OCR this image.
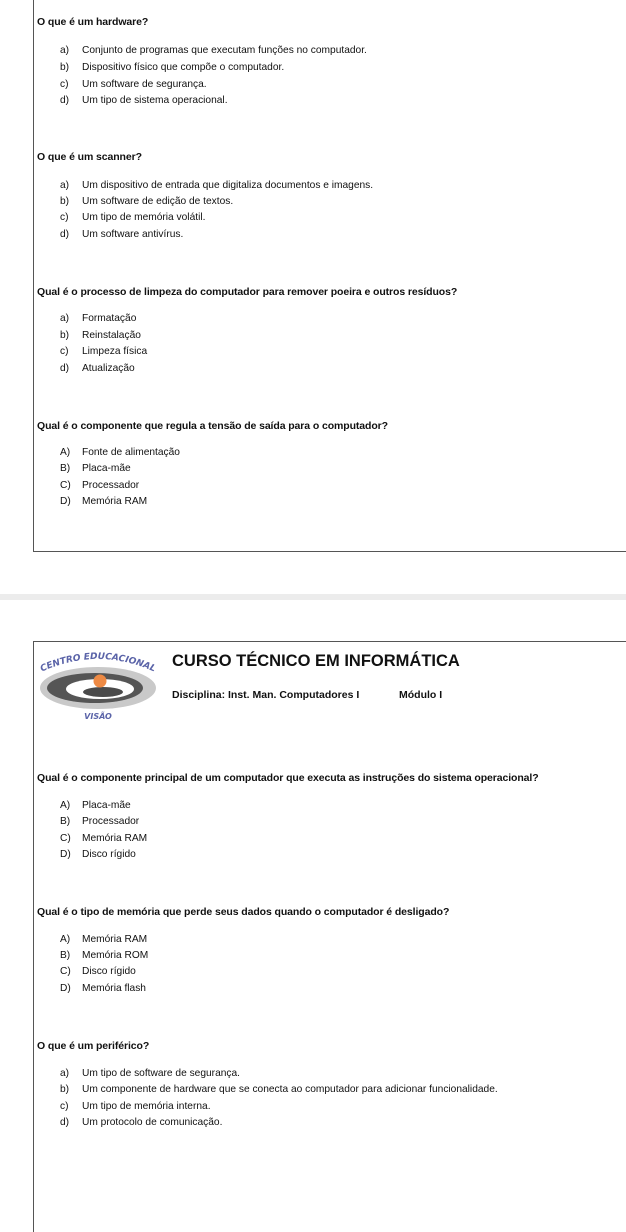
O que é um hardware?
a) Conjunto de programas que executam funções no computador.
b) Dispositivo físico que compõe o computador.
c) Um software de segurança.
d) Um tipo de sistema operacional.
O que é um scanner?
a) Um dispositivo de entrada que digitaliza documentos e imagens.
b) Um software de edição de textos.
c) Um tipo de memória volátil.
d) Um software antivírus.
Qual é o processo de limpeza do computador para remover poeira e outros resíduos?
a) Formatação
b) Reinstalação
c) Limpeza física
d) Atualização
Qual é o componente que regula a tensão de saída para o computador?
A) Fonte de alimentação
B) Placa-mãe
C) Processador
D) Memória RAM
CENTRO EDUCACIONAL
VISÃO
CURSO TÉCNICO EM INFORMÁTICA
Disciplina: Inst. Man. Computadores I	Módulo I
Qual é o componente principal de um computador que executa as instruções do sistema operacional?
A) Placa-mãe
B) Processador
C) Memória RAM
D) Disco rígido
Qual é o tipo de memória que perde seus dados quando o computador é desligado?
A) Memória RAM
B) Memória ROM
C) Disco rígido
D) Memória flash
O que é um periférico?
a) Um tipo de software de segurança.
b) Um componente de hardware que se conecta ao computador para adicionar funcionalidade.
c) Um tipo de memória interna.
d) Um protocolo de comunicação.
